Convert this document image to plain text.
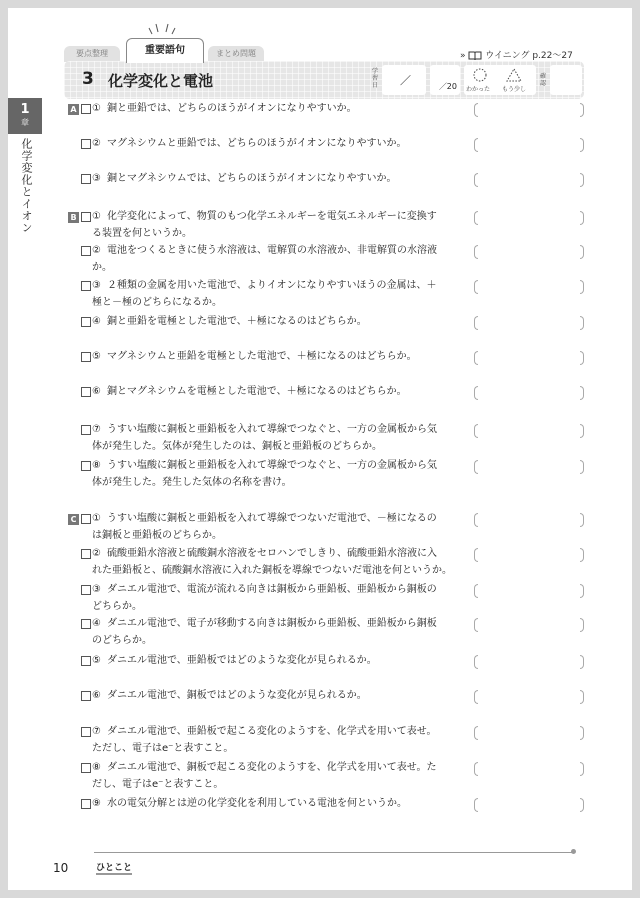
要点整理	重要語句	まとめ問題	» ウイニング p.22〜27
3 化学変化と電池
学習日 ／	／20 わかった もう少し
確認
1
章
化学変化とイオン
A ① 銅と亜鉛では、どちらのほうがイオンになりやすいか。
② マグネシウムと亜鉛では、どちらのほうがイオンになりやすいか。
③ 銅とマグネシウムでは、どちらのほうがイオンになりやすいか。
B ① 化学変化によって、物質のもつ化学エネルギーを電気エネルギーに変換す
る装置を何というか。
② 電池をつくるときに使う水溶液は、電解質の水溶液か、非電解質の水溶液
か。
③ ２種類の金属を用いた電池で、よりイオンになりやすいほうの金属は、＋
極と－極のどちらになるか。
④ 銅と亜鉛を電極とした電池で、＋極になるのはどちらか。
⑤ マグネシウムと亜鉛を電極とした電池で、＋極になるのはどちらか。
⑥ 銅とマグネシウムを電極とした電池で、＋極になるのはどちらか。
⑦ うすい塩酸に銅板と亜鉛板を入れて導線でつなぐと、一方の金属板から気
体が発生した。気体が発生したのは、銅板と亜鉛板のどちらか。
⑧ うすい塩酸に銅板と亜鉛板を入れて導線でつなぐと、一方の金属板から気
体が発生した。発生した気体の名称を書け。
C ① うすい塩酸に銅板と亜鉛板を入れて導線でつないだ電池で、－極になるの
は銅板と亜鉛板のどちらか。
② 硫酸亜鉛水溶液と硫酸銅水溶液をセロハンでしきり、硫酸亜鉛水溶液に入
れた亜鉛板と、硫酸銅水溶液に入れた銅板を導線でつないだ電池を何というか。
③ ダニエル電池で、電流が流れる向きは銅板から亜鉛板、亜鉛板から銅板の
どちらか。
④ ダニエル電池で、電子が移動する向きは銅板から亜鉛板、亜鉛板から銅板
のどちらか。
⑤ ダニエル電池で、亜鉛板ではどのような変化が見られるか。
⑥ ダニエル電池で、銅板ではどのような変化が見られるか。
⑦ ダニエル電池で、亜鉛板で起こる変化のようすを、化学式を用いて表せ。
ただし、電子はe⁻と表すこと。
⑧ ダニエル電池で、銅板で起こる変化のようすを、化学式を用いて表せ。た
だし、電子はe⁻と表すこと。
⑨ 水の電気分解とは逆の化学変化を利用している電池を何というか。
10	ひとこと
